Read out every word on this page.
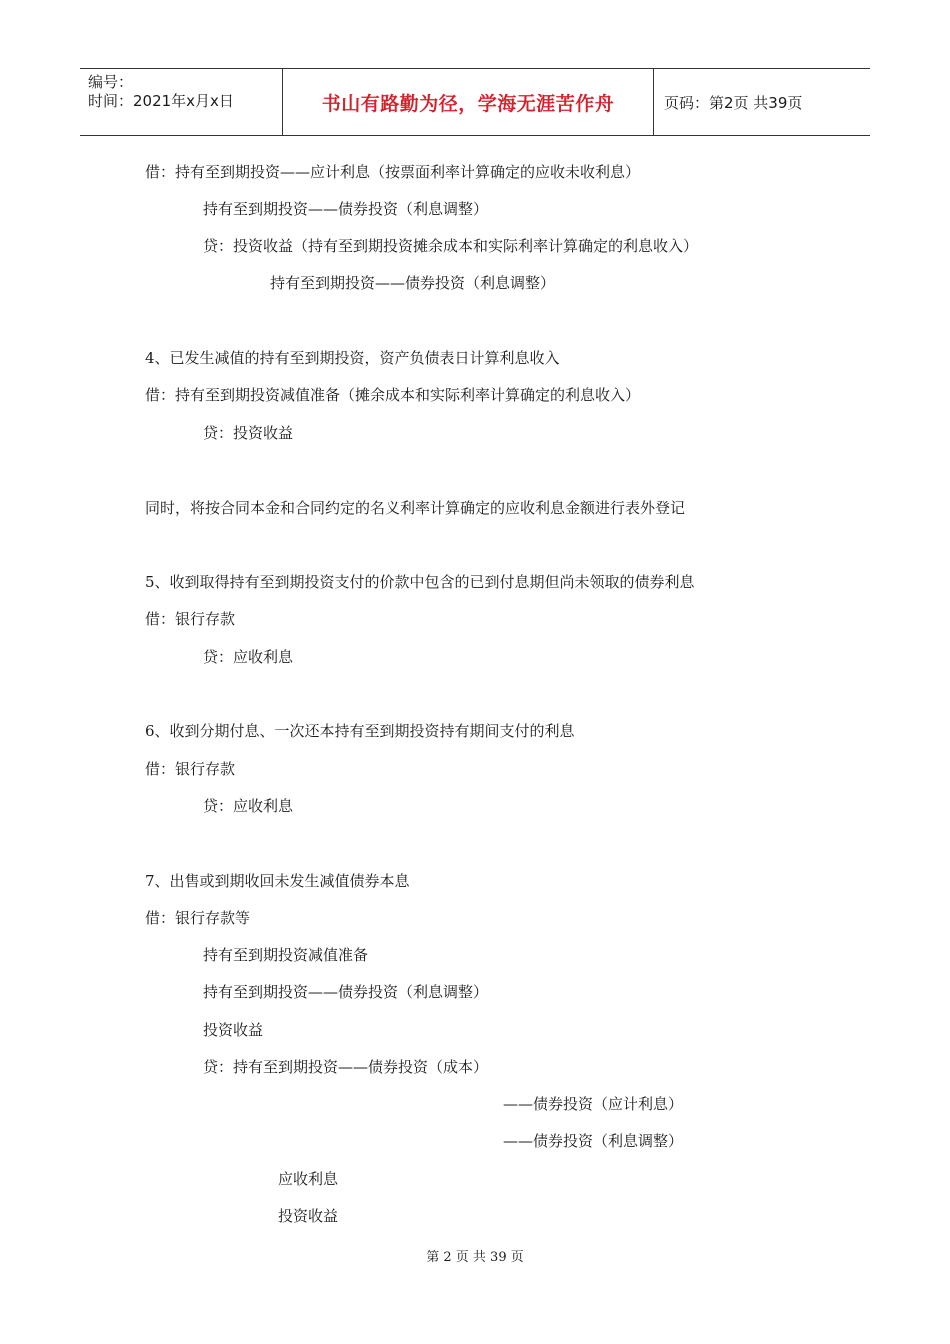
编号：
时间：2021年x月x日	书山有路勤为径，学海无涯苦作舟	页码：第2页 共39页
借：持有至到期投资——应计利息（按票面利率计算确定的应收未收利息）
持有至到期投资——债券投资（利息调整）
贷：投资收益（持有至到期投资摊余成本和实际利率计算确定的利息收入）
持有至到期投资——债券投资（利息调整）
4、已发生减值的持有至到期投资，资产负债表日计算利息收入
借：持有至到期投资减值准备（摊余成本和实际利率计算确定的利息收入）
贷：投资收益
同时，将按合同本金和合同约定的名义利率计算确定的应收利息金额进行表外登记
5、收到取得持有至到期投资支付的价款中包含的已到付息期但尚未领取的债券利息
借：银行存款
贷：应收利息
6、收到分期付息、一次还本持有至到期投资持有期间支付的利息
借：银行存款
贷：应收利息
7、出售或到期收回未发生减值债券本息
借：银行存款等
持有至到期投资减值准备
持有至到期投资——债券投资（利息调整）
投资收益
贷：持有至到期投资——债券投资（成本）
——债券投资（应计利息）
——债券投资（利息调整）
应收利息
投资收益
第 2 页 共 39 页
